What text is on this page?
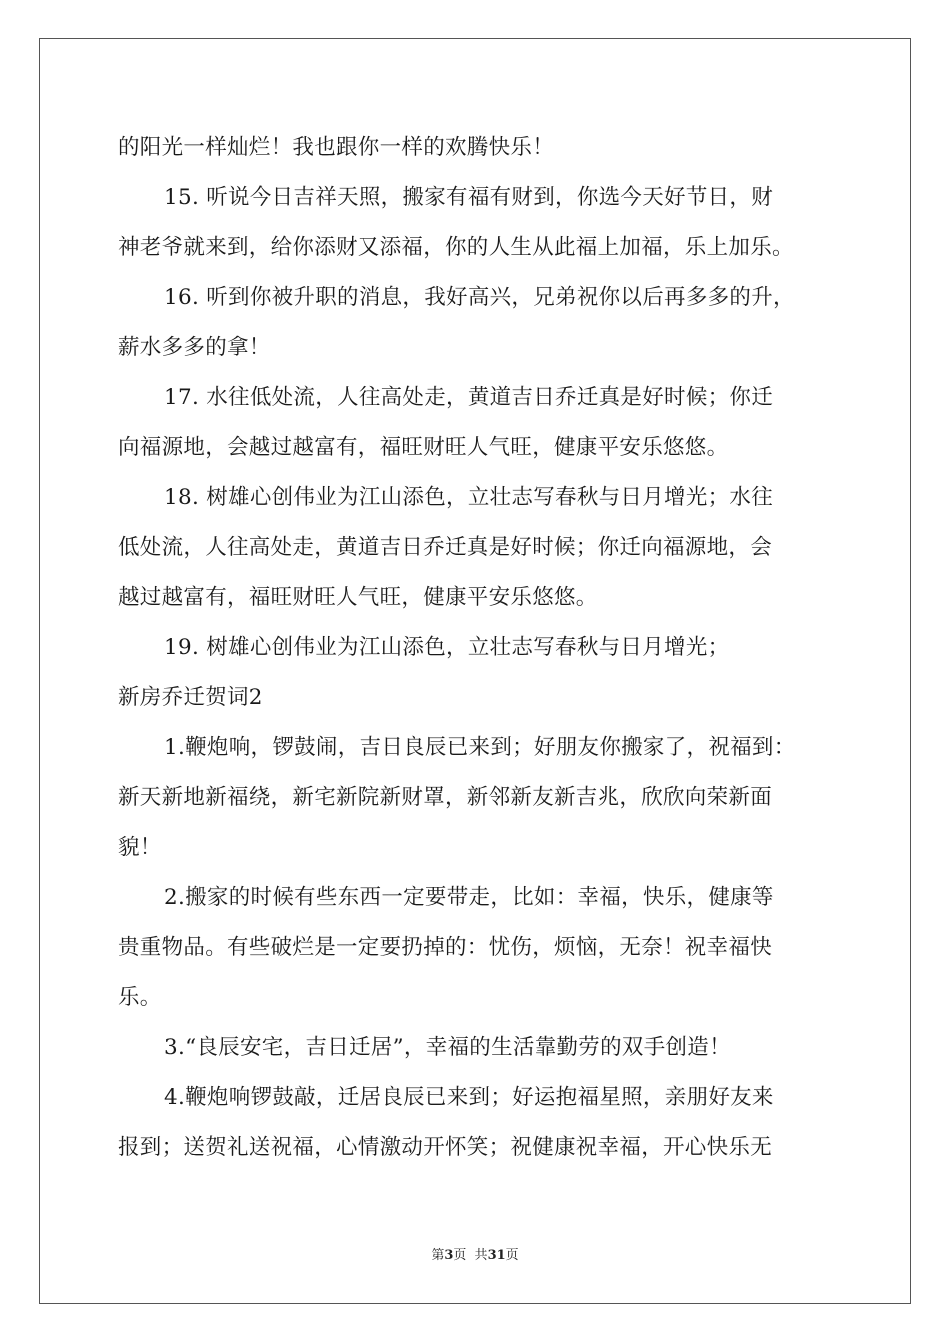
的阳光一样灿烂！我也跟你一样的欢腾快乐！
15. 听说今日吉祥天照，搬家有福有财到，你选今天好节日，财
神老爷就来到，给你添财又添福，你的人生从此福上加福，乐上加乐。
16. 听到你被升职的消息，我好高兴，兄弟祝你以后再多多的升，
薪水多多的拿！
17. 水往低处流，人往高处走，黄道吉日乔迁真是好时候；你迁
向福源地，会越过越富有，福旺财旺人气旺，健康平安乐悠悠。
18. 树雄心创伟业为江山添色，立壮志写春秋与日月增光；水往
低处流，人往高处走，黄道吉日乔迁真是好时候；你迁向福源地，会
越过越富有，福旺财旺人气旺，健康平安乐悠悠。
19. 树雄心创伟业为江山添色，立壮志写春秋与日月增光；
新房乔迁贺词2
1.鞭炮响，锣鼓闹，吉日良辰已来到；好朋友你搬家了，祝福到：
新天新地新福绕，新宅新院新财罩，新邻新友新吉兆，欣欣向荣新面
貌！
2.搬家的时候有些东西一定要带走，比如：幸福，快乐，健康等
贵重物品。有些破烂是一定要扔掉的：忧伤，烦恼，无奈！祝幸福快
乐。
3.“良辰安宅，吉日迁居”，幸福的生活靠勤劳的双手创造！
4.鞭炮响锣鼓敲，迁居良辰已来到；好运抱福星照，亲朋好友来
报到；送贺礼送祝福，心情激动开怀笑；祝健康祝幸福，开心快乐无
第3页 共31页
